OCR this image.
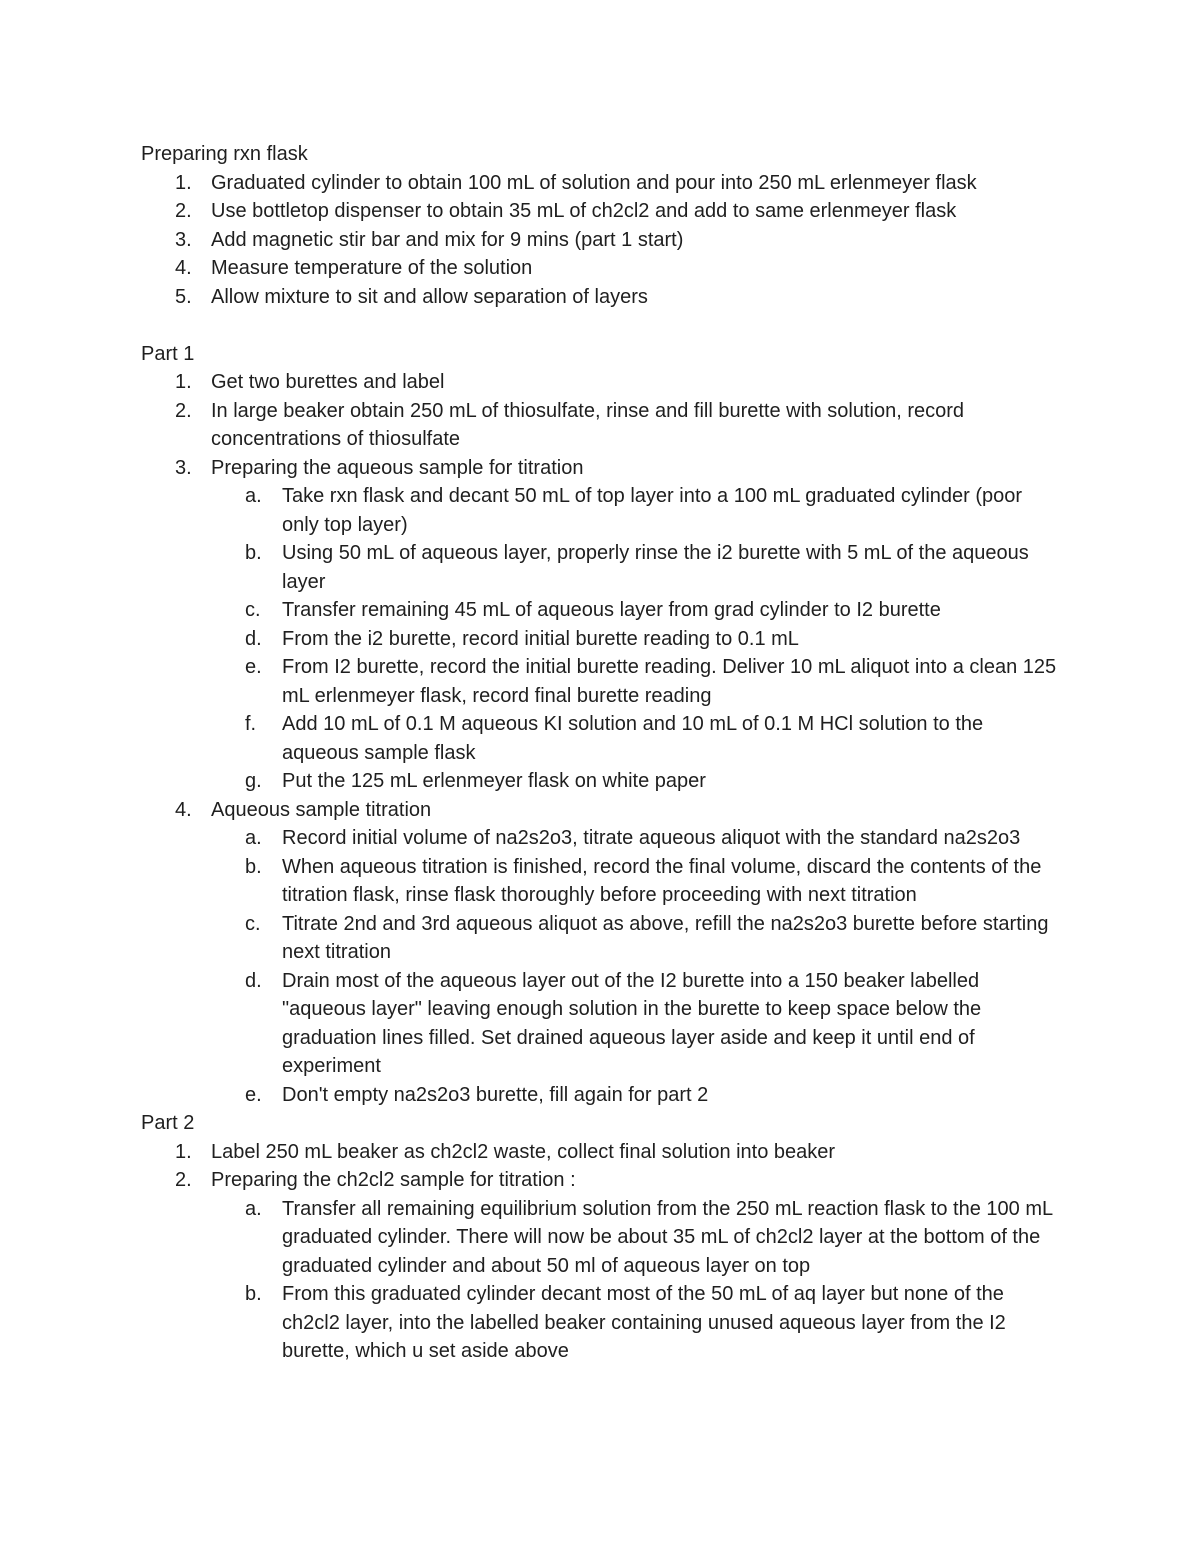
Preparing rxn flask

1. Graduated cylinder to obtain 100 mL of solution and pour into 250 mL erlenmeyer flask
2. Use bottletop dispenser to obtain 35 mL of ch2cl2 and add to same erlenmeyer flask
3. Add magnetic stir bar and mix for 9 mins (part 1 start)
4. Measure temperature of the solution
5. Allow mixture to sit and allow separation of layers

Part 1

1. Get two burettes and label
2. In large beaker obtain 250 mL of thiosulfate, rinse and fill burette with solution, record concentrations of thiosulfate
3. Preparing the aqueous sample for titration
a. Take rxn flask and decant 50 mL of top layer into a 100 mL graduated cylinder (poor only top layer)
b. Using 50 mL of aqueous layer, properly rinse the i2 burette with 5 mL of the aqueous layer
c. Transfer remaining 45 mL of aqueous layer from grad cylinder to I2 burette
d. From the i2 burette, record initial burette reading to 0.1 mL
e. From I2 burette, record the initial burette reading. Deliver 10 mL aliquot into a clean 125 mL erlenmeyer flask, record final burette reading
f. Add 10 mL of 0.1 M aqueous KI solution and 10 mL of 0.1 M HCl solution to the aqueous sample flask
g. Put the 125 mL erlenmeyer flask on white paper
4. Aqueous sample titration
a. Record initial volume of na2s2o3, titrate aqueous aliquot with the standard na2s2o3
b. When aqueous titration is finished, record the final volume, discard the contents of the titration flask, rinse flask thoroughly before proceeding with next titration
c. Titrate 2nd and 3rd aqueous aliquot as above, refill the na2s2o3 burette before starting next titration
d. Drain most of the aqueous layer out of the I2 burette into a 150 beaker labelled "aqueous layer" leaving enough solution in the burette to keep space below the graduation lines filled. Set drained aqueous layer aside and keep it until end of experiment
e. Don't empty na2s2o3 burette, fill again for part 2

Part 2

1. Label 250 mL beaker as ch2cl2 waste, collect final solution into beaker
2. Preparing the ch2cl2 sample for titration :
a. Transfer all remaining equilibrium solution from the 250 mL reaction flask to the 100 mL graduated cylinder. There will now be about 35 mL of ch2cl2 layer at the bottom of the graduated cylinder and about 50 ml of aqueous layer on top
b. From this graduated cylinder decant most of the 50 mL of aq layer but none of the ch2cl2 layer, into the labelled beaker containing unused aqueous layer from the I2 burette, which u set aside above
